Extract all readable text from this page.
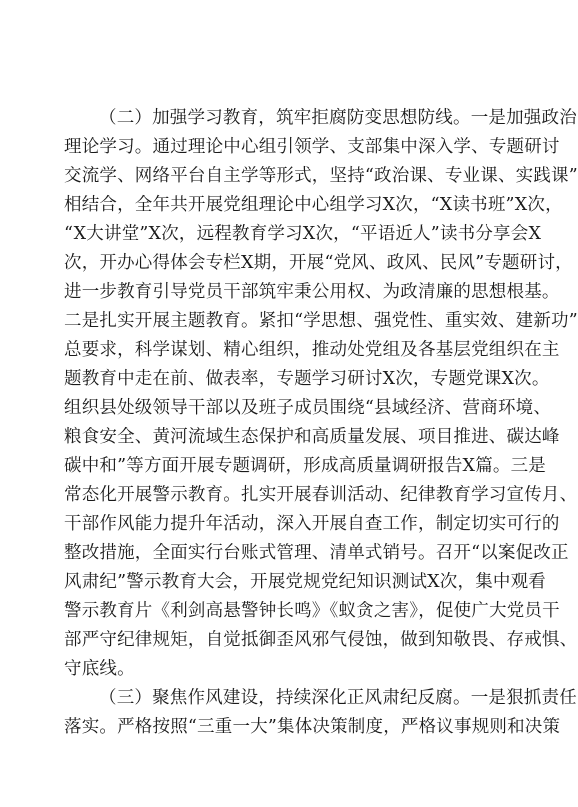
（二）加强学习教育，筑牢拒腐防变思想防线。一是加强政治
理论学习。通过理论中心组引领学、支部集中深入学、专题研讨
交流学、网络平台自主学等形式，坚持“政治课、专业课、实践课”
相结合，全年共开展党组理论中心组学习X次，“X读书班”X次，
“X大讲堂”X次，远程教育学习X次，“平语近人”读书分享会X
次，开办心得体会专栏X期，开展“党风、政风、民风”专题研讨，
进一步教育引导党员干部筑牢秉公用权、为政清廉的思想根基。
二是扎实开展主题教育。紧扣“学思想、强党性、重实效、建新功”
总要求，科学谋划、精心组织，推动处党组及各基层党组织在主
题教育中走在前、做表率，专题学习研讨X次，专题党课X次。
组织县处级领导干部以及班子成员围绕“县域经济、营商环境、
粮食安全、黄河流域生态保护和高质量发展、项目推进、碳达峰
碳中和”等方面开展专题调研，形成高质量调研报告X篇。三是
常态化开展警示教育。扎实开展春训活动、纪律教育学习宣传月、
干部作风能力提升年活动，深入开展自查工作，制定切实可行的
整改措施，全面实行台账式管理、清单式销号。召开“以案促改正
风肃纪”警示教育大会，开展党规党纪知识测试X次，集中观看
警示教育片《利剑高悬警钟长鸣》《蚁贪之害》，促使广大党员干
部严守纪律规矩，自觉抵御歪风邪气侵蚀，做到知敬畏、存戒惧、
守底线。
（三）聚焦作风建设，持续深化正风肃纪反腐。一是狠抓责任
落实。严格按照“三重一大”集体决策制度，严格议事规则和决策
